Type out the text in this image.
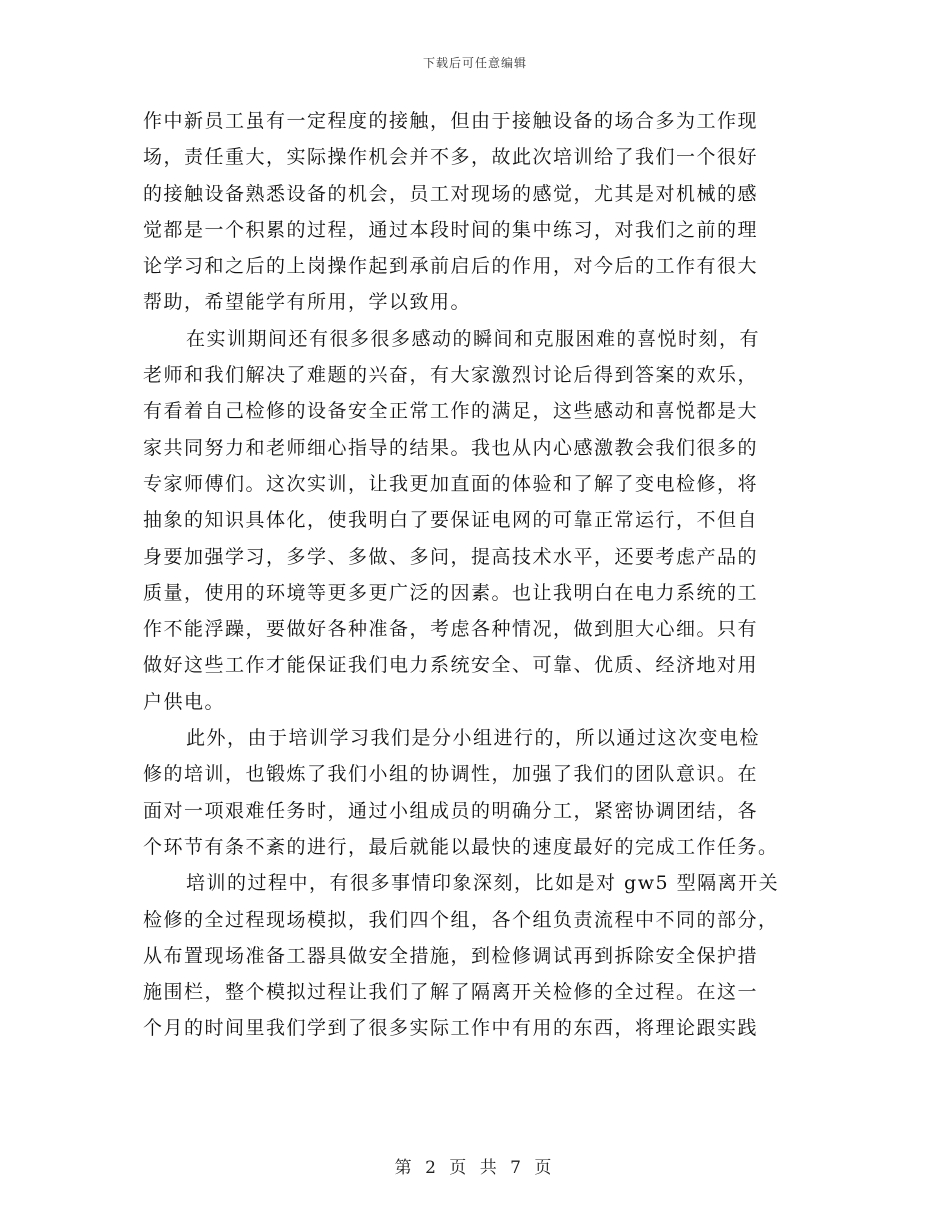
下载后可任意编辑
作中新员工虽有一定程度的接触，但由于接触设备的场合多为工作现
场，责任重大，实际操作机会并不多，故此次培训给了我们一个很好
的接触设备熟悉设备的机会，员工对现场的感觉，尤其是对机械的感
觉都是一个积累的过程，通过本段时间的集中练习，对我们之前的理
论学习和之后的上岗操作起到承前启后的作用，对今后的工作有很大
帮助，希望能学有所用，学以致用。
在实训期间还有很多很多感动的瞬间和克服困难的喜悦时刻，有
老师和我们解决了难题的兴奋，有大家激烈讨论后得到答案的欢乐，
有看着自己检修的设备安全正常工作的满足，这些感动和喜悦都是大
家共同努力和老师细心指导的结果。我也从内心感激教会我们很多的
专家师傅们。这次实训，让我更加直面的体验和了解了变电检修，将
抽象的知识具体化，使我明白了要保证电网的可靠正常运行，不但自
身要加强学习，多学、多做、多问，提高技术水平，还要考虑产品的
质量，使用的环境等更多更广泛的因素。也让我明白在电力系统的工
作不能浮躁，要做好各种准备，考虑各种情况，做到胆大心细。只有
做好这些工作才能保证我们电力系统安全、可靠、优质、经济地对用
户供电。
此外，由于培训学习我们是分小组进行的，所以通过这次变电检
修的培训，也锻炼了我们小组的协调性，加强了我们的团队意识。在
面对一项艰难任务时，通过小组成员的明确分工，紧密协调团结，各
个环节有条不紊的进行，最后就能以最快的速度最好的完成工作任务。
培训的过程中，有很多事情印象深刻，比如是对 gw5 型隔离开关
检修的全过程现场模拟，我们四个组，各个组负责流程中不同的部分，
从布置现场准备工器具做安全措施，到检修调试再到拆除安全保护措
施围栏，整个模拟过程让我们了解了隔离开关检修的全过程。在这一
个月的时间里我们学到了很多实际工作中有用的东西，将理论跟实践
第 2 页 共 7 页
